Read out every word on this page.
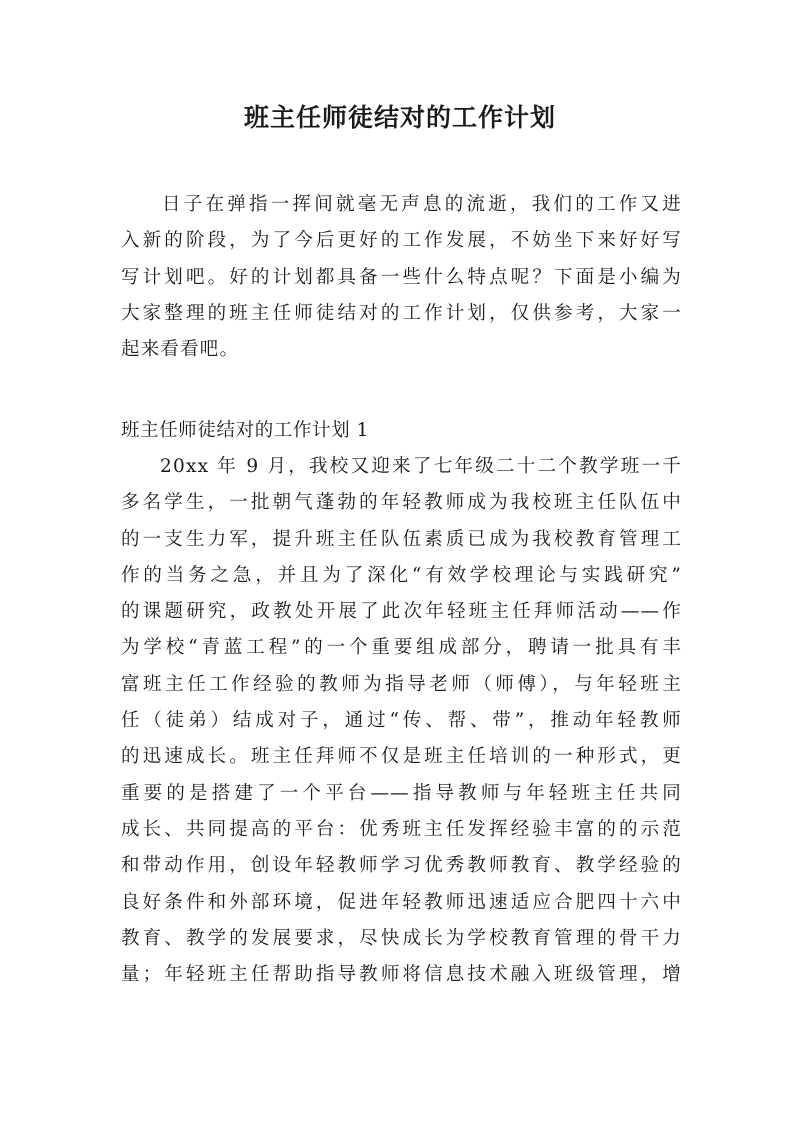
班主任师徒结对的工作计划
日子在弹指一挥间就毫无声息的流逝，我们的工作又进
入新的阶段，为了今后更好的工作发展，不妨坐下来好好写
写计划吧。好的计划都具备一些什么特点呢？下面是小编为
大家整理的班主任师徒结对的工作计划，仅供参考，大家一
起来看看吧。

班主任师徒结对的工作计划 1

20xx 年 9 月，我校又迎来了七年级二十二个教学班一千
多名学生，一批朝气蓬勃的年轻教师成为我校班主任队伍中
的一支生力军，提升班主任队伍素质已成为我校教育管理工
作的当务之急，并且为了深化“有效学校理论与实践研究”
的课题研究，政教处开展了此次年轻班主任拜师活动——作
为学校“青蓝工程”的一个重要组成部分，聘请一批具有丰
富班主任工作经验的教师为指导老师（师傅），与年轻班主
任（徒弟）结成对子，通过“传、帮、带”，推动年轻教师
的迅速成长。班主任拜师不仅是班主任培训的一种形式，更
重要的是搭建了一个平台——指导教师与年轻班主任共同
成长、共同提高的平台：优秀班主任发挥经验丰富的的示范
和带动作用，创设年轻教师学习优秀教师教育、教学经验的
良好条件和外部环境，促进年轻教师迅速适应合肥四十六中
教育、教学的发展要求，尽快成长为学校教育管理的骨干力
量；年轻班主任帮助指导教师将信息技术融入班级管理，增
